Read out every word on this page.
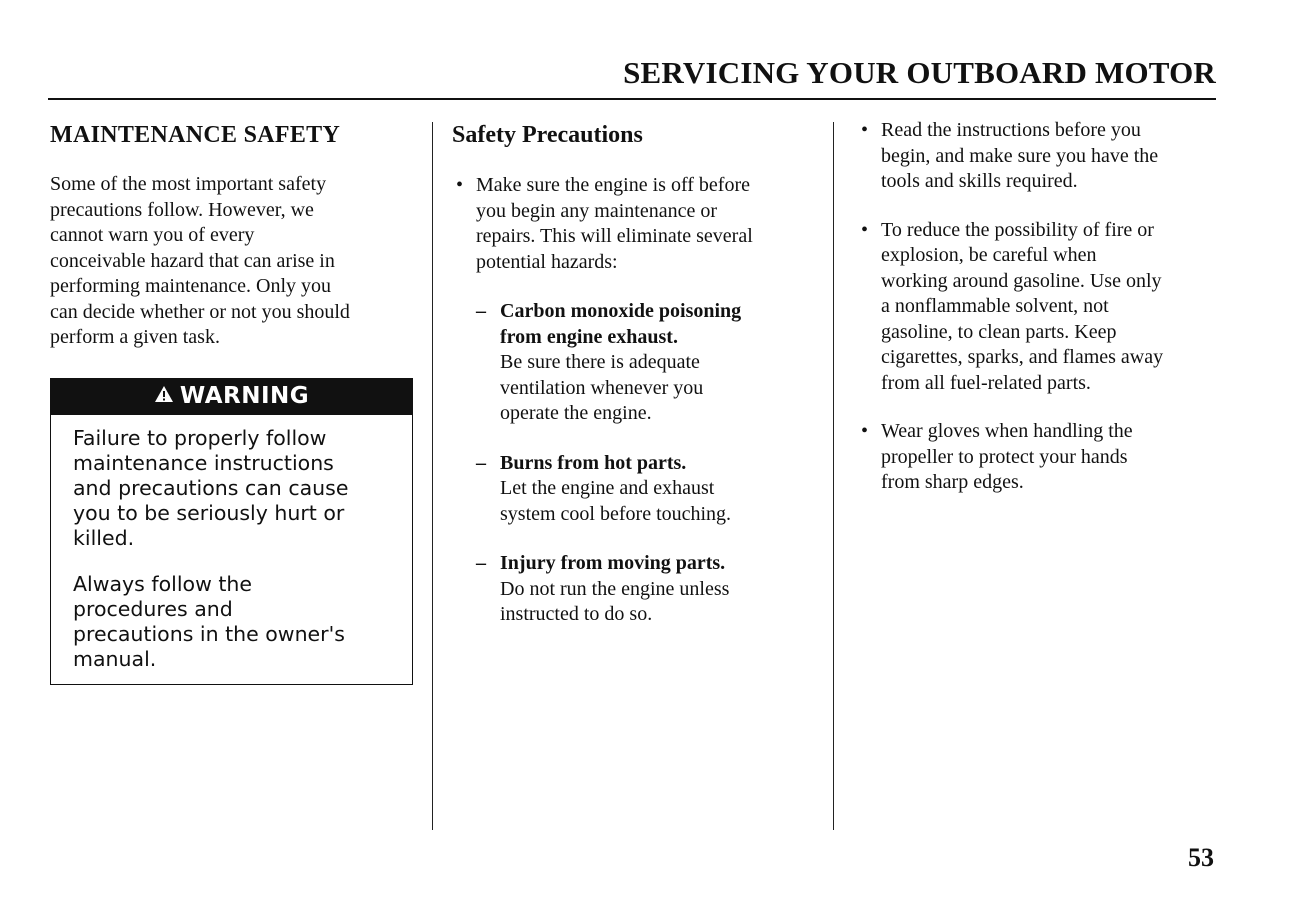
SERVICING YOUR OUTBOARD MOTOR
MAINTENANCE SAFETY

Some of the most important safety
precautions follow. However, we
cannot warn you of every
conceivable hazard that can arise in
performing maintenance. Only you
can decide whether or not you should
perform a given task.

WARNING

Failure to properly follow
maintenance instructions
and precautions can cause
you to be seriously hurt or
killed.

Always follow the
procedures and
precautions in the owner's
manual.

Safety Precautions
• Make sure the engine is off before
you begin any maintenance or
repairs. This will eliminate several
potential hazards:
– Carbon monoxide poisoning
from engine exhaust.
Be sure there is adequate
ventilation whenever you
operate the engine.
– Burns from hot parts.
Let the engine and exhaust
system cool before touching.
– Injury from moving parts.
Do not run the engine unless
instructed to do so.
• Read the instructions before you
begin, and make sure you have the
tools and skills required.
• To reduce the possibility of fire or
explosion, be careful when
working around gasoline. Use only
a nonflammable solvent, not
gasoline, to clean parts. Keep
cigarettes, sparks, and flames away
from all fuel-related parts.
• Wear gloves when handling the
propeller to protect your hands
from sharp edges.
53
